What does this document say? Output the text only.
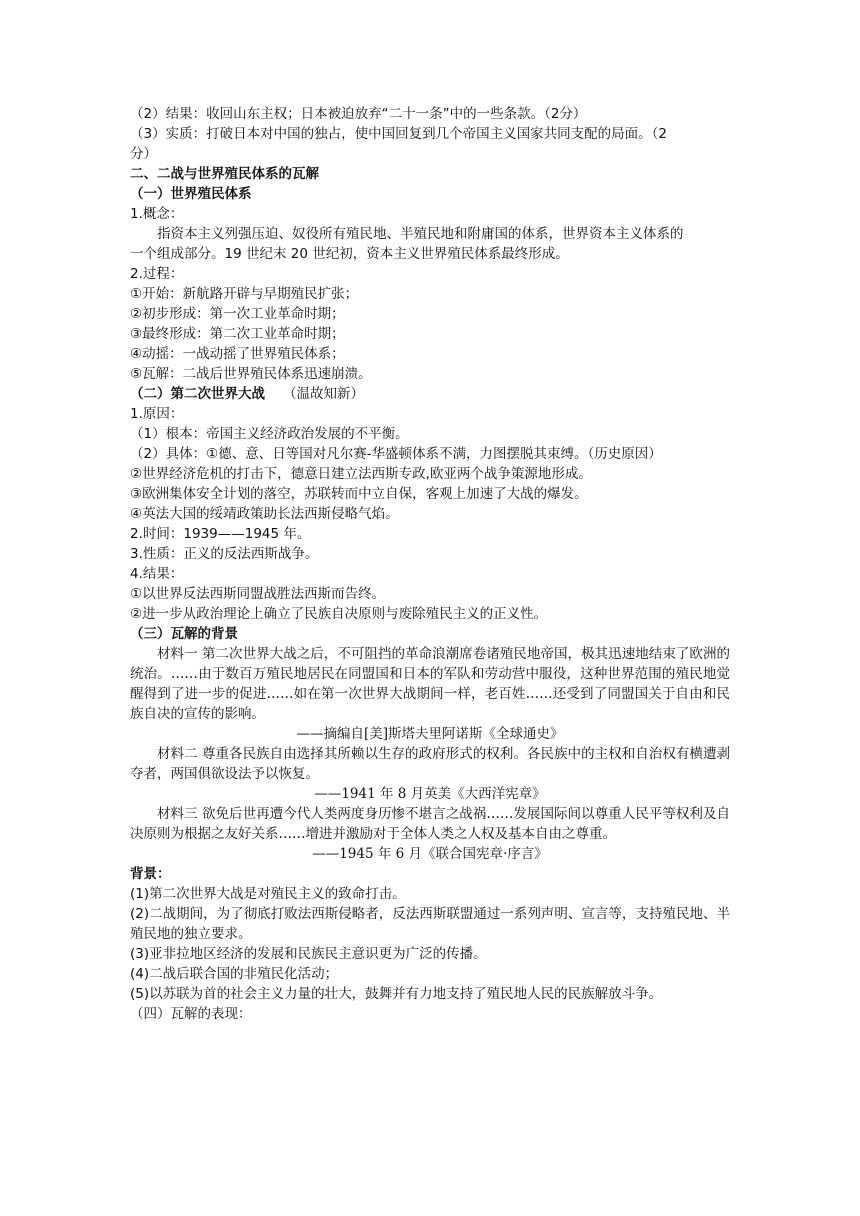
（2）结果：收回山东主权；日本被迫放弃“二十一条”中的一些条款。（2分）
（3）实质：打破日本对中国的独占，使中国回复到几个帝国主义国家共同支配的局面。（2
分）
二、二战与世界殖民体系的瓦解
（一）世界殖民体系
1.概念：
指资本主义列强压迫、奴役所有殖民地、半殖民地和附庸国的体系，世界资本主义体系的
一个组成部分。19 世纪末 20 世纪初，资本主义世界殖民体系最终形成。
2.过程：
①开始：新航路开辟与早期殖民扩张；
②初步形成：第一次工业革命时期；
③最终形成：第二次工业革命时期；
④动摇：一战动摇了世界殖民体系；
⑤瓦解：二战后世界殖民体系迅速崩溃。
（二）第二次世界大战 （温故知新）
1.原因：
（1）根本：帝国主义经济政治发展的不平衡。
（2）具体：①德、意、日等国对凡尔赛-华盛顿体系不满，力图摆脱其束缚。（历史原因）
②世界经济危机的打击下，德意日建立法西斯专政,欧亚两个战争策源地形成。
③欧洲集体安全计划的落空，苏联转而中立自保，客观上加速了大战的爆发。
④英法大国的绥靖政策助长法西斯侵略气焰。
2.时间：1939——1945 年。
3.性质：正义的反法西斯战争。
4.结果：
①以世界反法西斯同盟战胜法西斯而告终。
②进一步从政治理论上确立了民族自决原则与废除殖民主义的正义性。
（三）瓦解的背景
材料一 第二次世界大战之后，不可阻挡的革命浪潮席卷诸殖民地帝国，极其迅速地结束了欧洲的统治。……由于数百万殖民地居民在同盟国和日本的军队和劳动营中服役，这种世界范围的殖民地觉醒得到了进一步的促进……如在第一次世界大战期间一样，老百姓……还受到了同盟国关于自由和民族自决的宣传的影响。
——摘编自[美]斯塔夫里阿诺斯《全球通史》
材料二 尊重各民族自由选择其所赖以生存的政府形式的权利。各民族中的主权和自治权有横遭剥夺者，两国俱欲设法予以恢复。
——1941 年 8 月英美《大西洋宪章》
材料三 欲免后世再遭今代人类两度身历惨不堪言之战祸……发展国际间以尊重人民平等权利及自决原则为根据之友好关系……增进并激励对于全体人类之人权及基本自由之尊重。
——1945 年 6 月《联合国宪章·序言》
背景：
(1)第二次世界大战是对殖民主义的致命打击。
(2)二战期间，为了彻底打败法西斯侵略者，反法西斯联盟通过一系列声明、宣言等，支持殖民地、半殖民地的独立要求。
(3)亚非拉地区经济的发展和民族民主意识更为广泛的传播。
(4)二战后联合国的非殖民化活动；
(5)以苏联为首的社会主义力量的壮大，鼓舞并有力地支持了殖民地人民的民族解放斗争。
（四）瓦解的表现：
